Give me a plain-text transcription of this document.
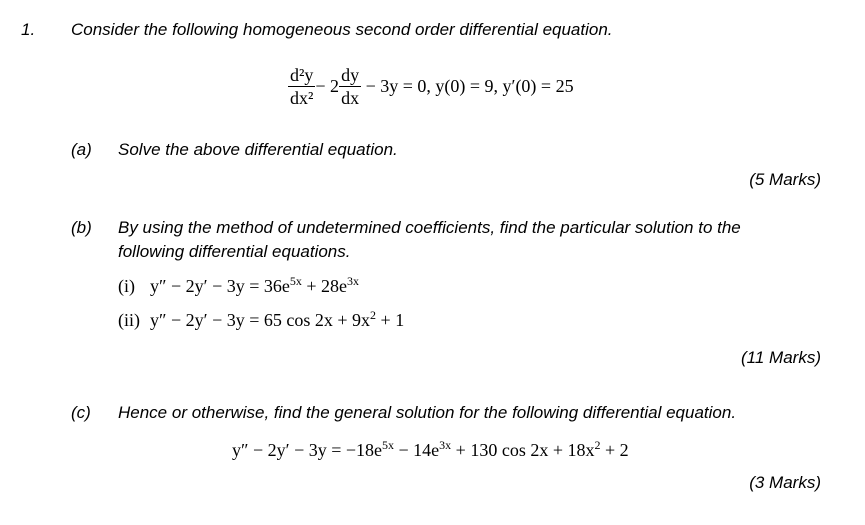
1. Consider the following homogeneous second order differential equation.
$\frac{\text{d²y}}{\text{dx²}} - 2 \frac{dy}{dx} - 3y = 0$, y(0) = 9, y′(0) = 25
(a) Solve the above differential equation.
(5 Marks)
(b) By using the method of undetermined coefficients, find the particular solution to the
following differential equations.
(i) $y'' - 2y' - 3y = 36e^{5x} + 28e^{3x}$
(ii) y″ − 2y′ − 3y = 65 $\cos 2x + 9x^2 + 1$
(11 Marks)
(c) Hence or otherwise, find the general solution for the following differential equation.
$y'' - 2y' - 3y = -18e^{5x} - 14e^{3x} + 130$ $\cos 2x + 18x^2 + 2$
(3 Marks)
